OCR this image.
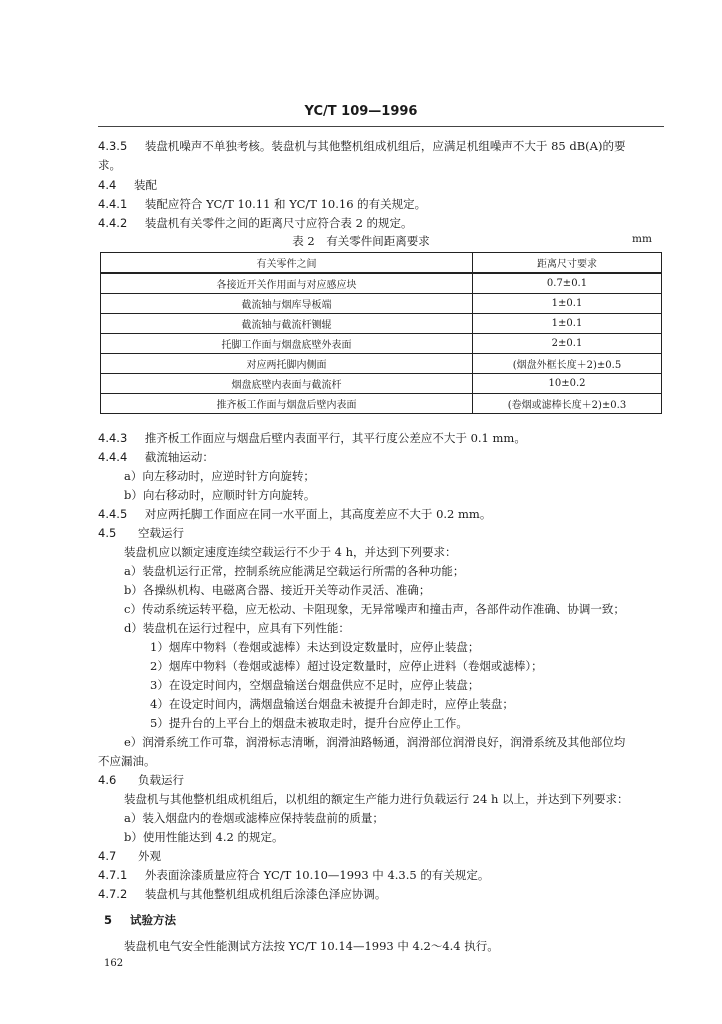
YC/T 109—1996
4.3.5 装盘机噪声不单独考核。装盘机与其他整机组成机组后，应满足机组噪声不大于 85 dB(A)的要
求。
4.4 装配
4.4.1 装配应符合 YC/T 10.11 和 YC/T 10.16 的有关规定。
4.4.2 装盘机有关零件之间的距离尺寸应符合表 2 的规定。
表 2　有关零件间距离要求	mm
有关零件之间	距离尺寸要求
各接近开关作用面与对应感应块	0.7±0.1
截流轴与烟库导板端	1±0.1
截流轴与截流杆铡辊	1±0.1
托脚工作面与烟盘底壁外表面	2±0.1
对应两托脚内侧面	(烟盘外框长度＋2)±0.5
烟盘底壁内表面与截流杆	10±0.2
推齐板工作面与烟盘后壁内表面	(卷烟或滤棒长度＋2)±0.3
4.4.3 推齐板工作面应与烟盘后壁内表面平行，其平行度公差应不大于 0.1 mm。
4.4.4 截流轴运动：
a）向左移动时，应逆时针方向旋转；
b）向右移动时，应顺时针方向旋转。
4.4.5 对应两托脚工作面应在同一水平面上，其高度差应不大于 0.2 mm。
4.5 空载运行
装盘机应以额定速度连续空载运行不少于 4 h，并达到下列要求：
a）装盘机运行正常，控制系统应能满足空载运行所需的各种功能；
b）各操纵机构、电磁离合器、接近开关等动作灵活、准确；
c）传动系统运转平稳，应无松动、卡阻现象，无异常噪声和撞击声，各部件动作准确、协调一致；
d）装盘机在运行过程中，应具有下列性能：
1）烟库中物料（卷烟或滤棒）未达到设定数量时，应停止装盘；
2）烟库中物料（卷烟或滤棒）超过设定数量时，应停止进料（卷烟或滤棒）；
3）在设定时间内，空烟盘输送台烟盘供应不足时，应停止装盘；
4）在设定时间内，满烟盘输送台烟盘未被提升台卸走时，应停止装盘；
5）提升台的上平台上的烟盘未被取走时，提升台应停止工作。
e）润滑系统工作可靠，润滑标志清晰，润滑油路畅通，润滑部位润滑良好，润滑系统及其他部位均
不应漏油。
4.6 负载运行
装盘机与其他整机组成机组后，以机组的额定生产能力进行负载运行 24 h 以上，并达到下列要求：
a）装入烟盘内的卷烟或滤棒应保持装盘前的质量；
b）使用性能达到 4.2 的规定。
4.7 外观
4.7.1 外表面涂漆质量应符合 YC/T 10.10—1993 中 4.3.5 的有关规定。
4.7.2 装盘机与其他整机组成机组后涂漆色泽应协调。
5 试验方法
装盘机电气安全性能测试方法按 YC/T 10.14—1993 中 4.2～4.4 执行。
162
